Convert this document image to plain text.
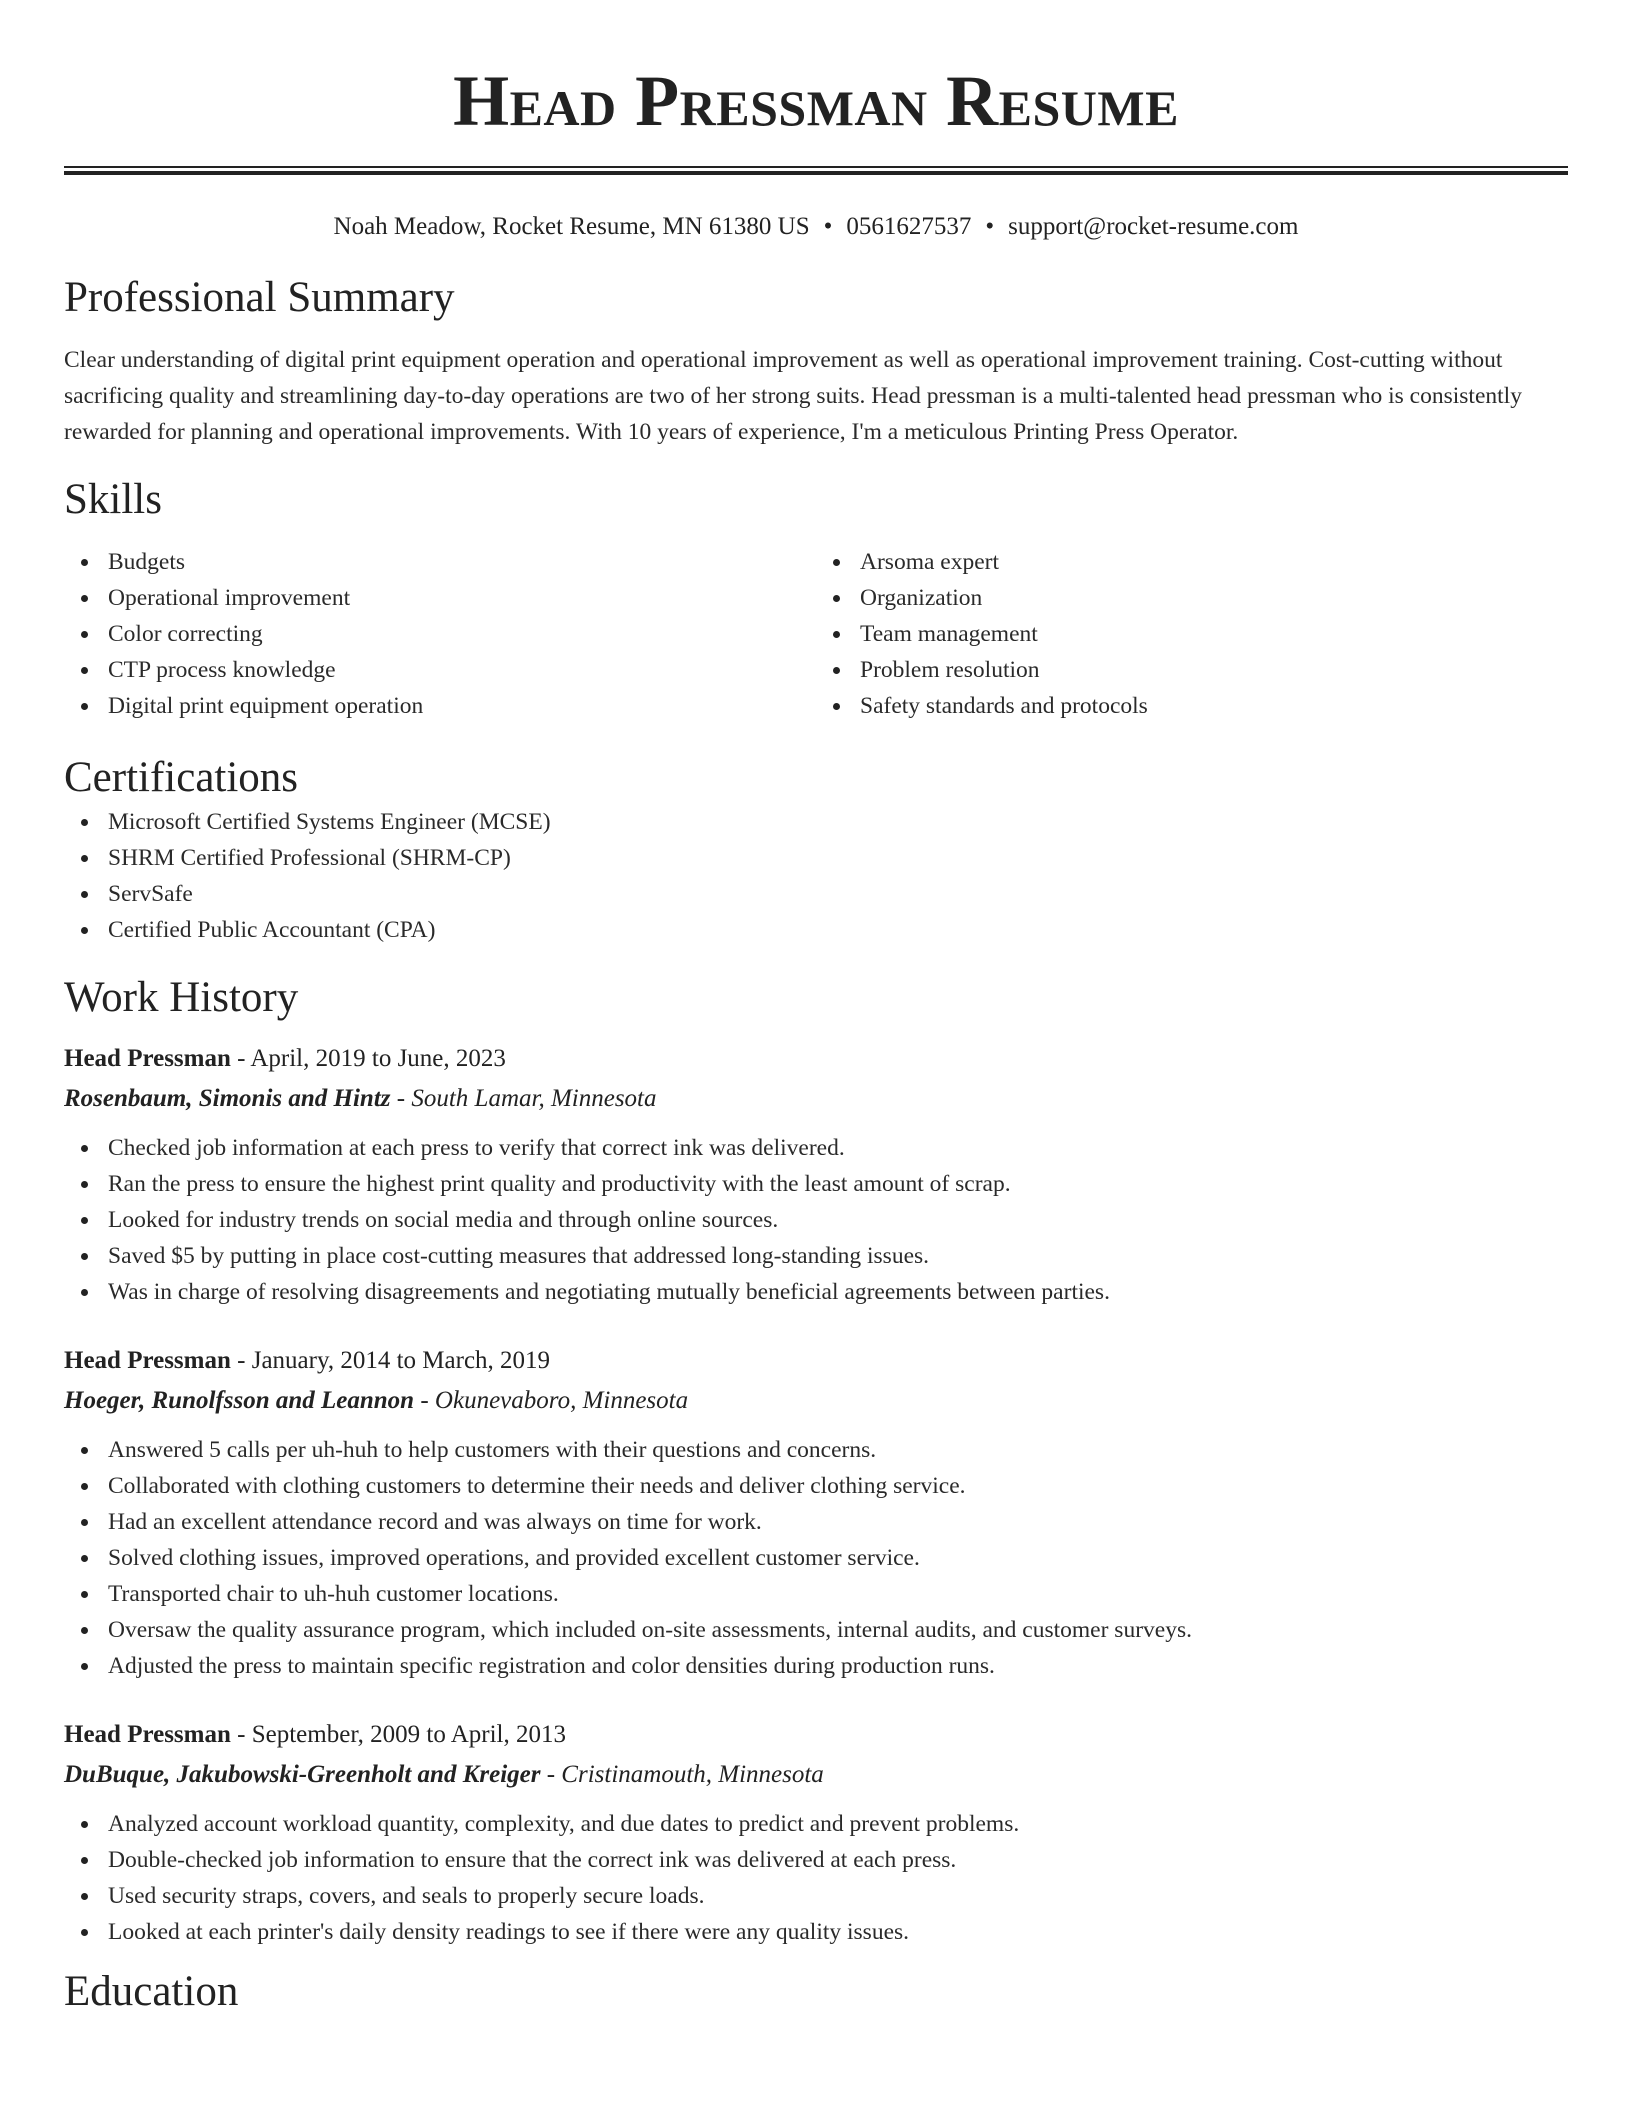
Head Pressman Resume
Noah Meadow, Rocket Resume, MN 61380 US • 0561627537 • support@rocket-resume.com
Professional Summary

Clear understanding of digital print equipment operation and operational improvement as well as operational improvement training. Cost-cutting without sacrificing quality and streamlining day-to-day operations are two of her strong suits. Head pressman is a multi-talented head pressman who is consistently rewarded for planning and operational improvements. With 10 years of experience, I'm a meticulous Printing Press Operator.

Skills
Budgets
Operational improvement
Color correcting
CTP process knowledge
Digital print equipment operation
Arsoma expert
Organization
Team management
Problem resolution
Safety standards and protocols
Certifications
Microsoft Certified Systems Engineer (MCSE)
SHRM Certified Professional (SHRM-CP)
ServSafe
Certified Public Accountant (CPA)
Work History
Head Pressman - April, 2019 to June, 2023
Rosenbaum, Simonis and Hintz - South Lamar, Minnesota
Checked job information at each press to verify that correct ink was delivered.
Ran the press to ensure the highest print quality and productivity with the least amount of scrap.
Looked for industry trends on social media and through online sources.
Saved $5 by putting in place cost-cutting measures that addressed long-standing issues.
Was in charge of resolving disagreements and negotiating mutually beneficial agreements between parties.
Head Pressman - January, 2014 to March, 2019
Hoeger, Runolfsson and Leannon - Okunevaboro, Minnesota
Answered 5 calls per uh-huh to help customers with their questions and concerns.
Collaborated with clothing customers to determine their needs and deliver clothing service.
Had an excellent attendance record and was always on time for work.
Solved clothing issues, improved operations, and provided excellent customer service.
Transported chair to uh-huh customer locations.
Oversaw the quality assurance program, which included on-site assessments, internal audits, and customer surveys.
Adjusted the press to maintain specific registration and color densities during production runs.
Head Pressman - September, 2009 to April, 2013
DuBuque, Jakubowski-Greenholt and Kreiger - Cristinamouth, Minnesota
Analyzed account workload quantity, complexity, and due dates to predict and prevent problems.
Double-checked job information to ensure that the correct ink was delivered at each press.
Used security straps, covers, and seals to properly secure loads.
Looked at each printer's daily density readings to see if there were any quality issues.
Education
